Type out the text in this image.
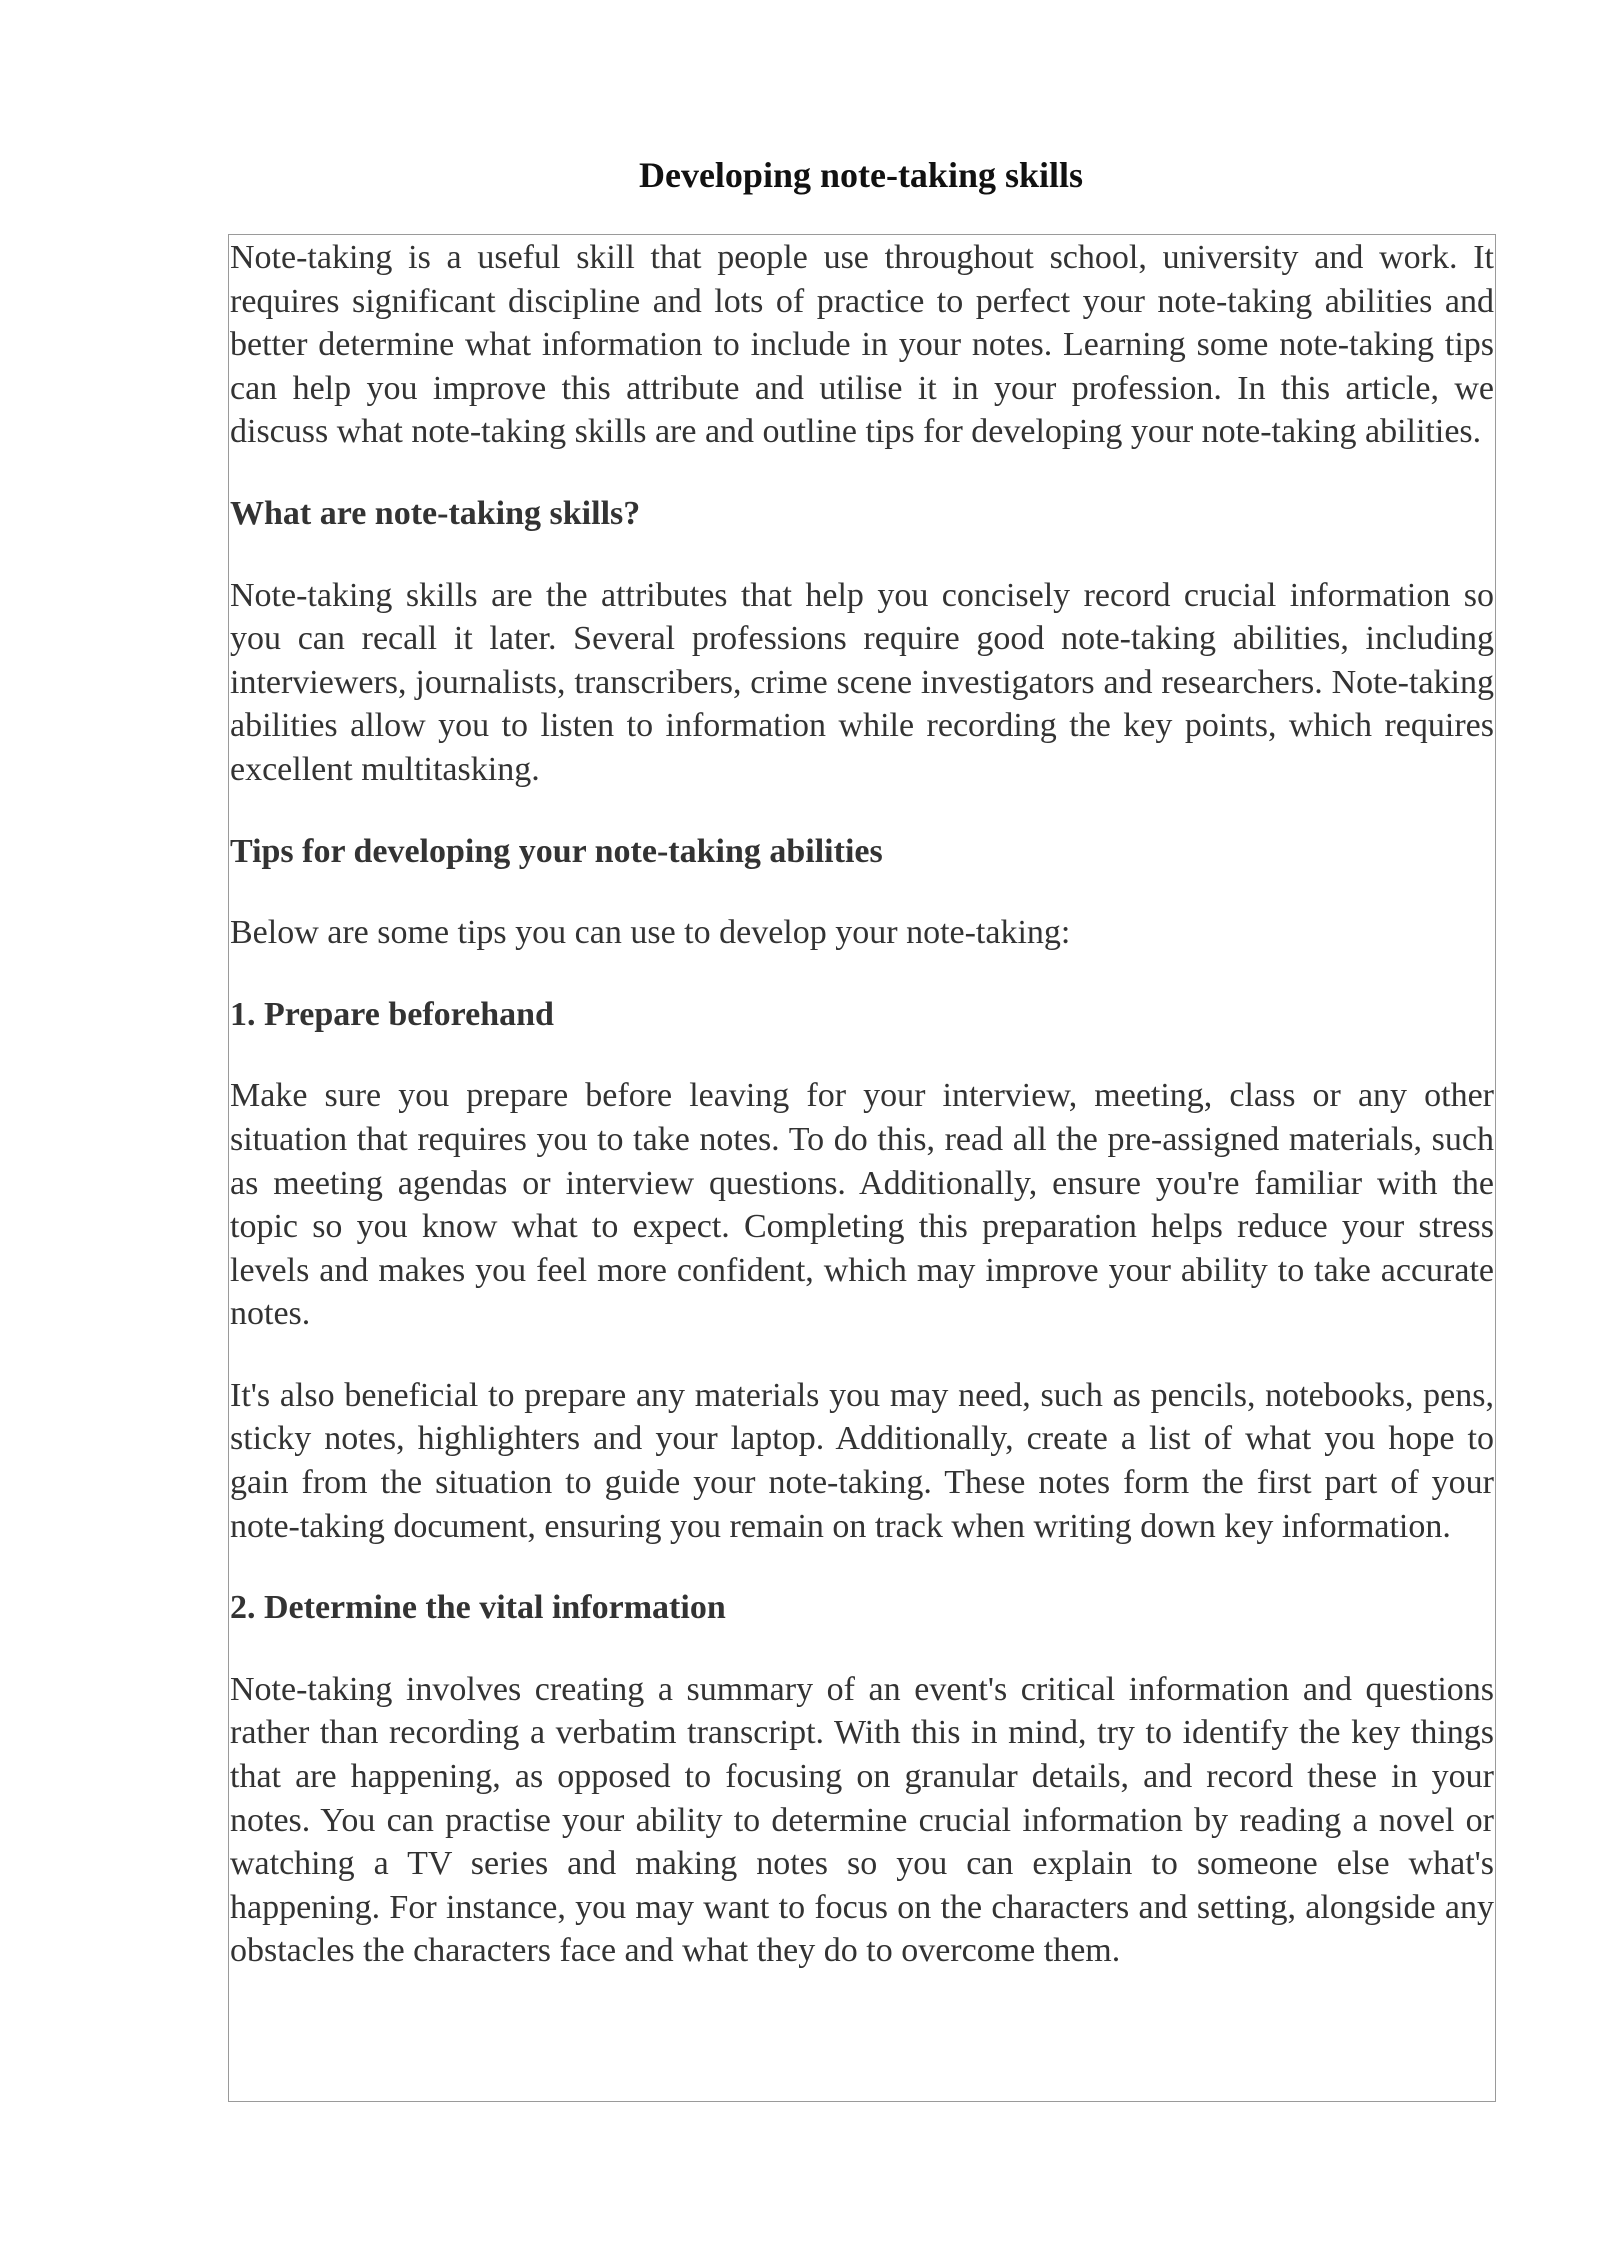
Developing note-taking skills

Note-taking is a useful skill that people use throughout school, university and work. It requires significant discipline and lots of practice to perfect your note-taking abilities and better determine what information to include in your notes. Learning some note-taking tips can help you improve this attribute and utilise it in your profession. In this article, we discuss what note-taking skills are and outline tips for developing your note-taking abilities.

What are note-taking skills?

Note-taking skills are the attributes that help you concisely record crucial information so you can recall it later. Several professions require good note-taking abilities, including interviewers, journalists, transcribers, crime scene investigators and researchers. Note-taking abilities allow you to listen to information while recording the key points, which requires excellent multitasking.

Tips for developing your note-taking abilities

Below are some tips you can use to develop your note-taking:

1. Prepare beforehand

Make sure you prepare before leaving for your interview, meeting, class or any other situation that requires you to take notes. To do this, read all the pre-assigned materials, such as meeting agendas or interview questions. Additionally, ensure you're familiar with the topic so you know what to expect. Completing this preparation helps reduce your stress levels and makes you feel more confident, which may improve your ability to take accurate notes.

It's also beneficial to prepare any materials you may need, such as pencils, notebooks, pens, sticky notes, highlighters and your laptop. Additionally, create a list of what you hope to gain from the situation to guide your note-taking. These notes form the first part of your note-taking document, ensuring you remain on track when writing down key information.

2. Determine the vital information

Note-taking involves creating a summary of an event's critical information and questions rather than recording a verbatim transcript. With this in mind, try to identify the key things that are happening, as opposed to focusing on granular details, and record these in your notes. You can practise your ability to determine crucial information by reading a novel or watching a TV series and making notes so you can explain to someone else what's happening. For instance, you may want to focus on the characters and setting, alongside any obstacles the characters face and what they do to overcome them.
